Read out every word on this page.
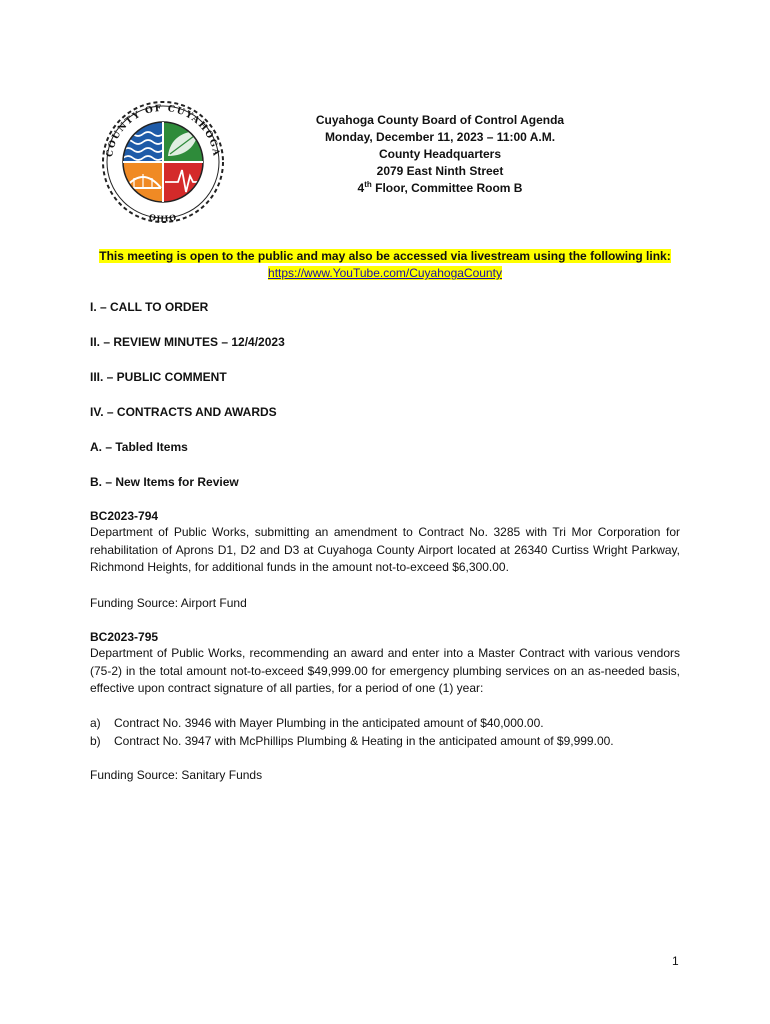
COUNTY OF CUYAHOGA
OHIO
Cuyahoga County Board of Control Agenda
Monday, December 11, 2023 – 11:00 A.M.
County Headquarters
2079 East Ninth Street
4th Floor, Committee Room B
This meeting is open to the public and may also be accessed via livestream using the following link:
https://www.YouTube.com/CuyahogaCounty
I. – CALL TO ORDER
II. – REVIEW MINUTES – 12/4/2023
III. – PUBLIC COMMENT
IV. – CONTRACTS AND AWARDS
A. – Tabled Items
B. – New Items for Review
BC2023-794
Department of Public Works, submitting an amendment to Contract No. 3285 with Tri Mor Corporation for rehabilitation of Aprons D1, D2 and D3 at Cuyahoga County Airport located at 26340 Curtiss Wright Parkway, Richmond Heights, for additional funds in the amount not-to-exceed $6,300.00.
Funding Source: Airport Fund
BC2023-795
Department of Public Works, recommending an award and enter into a Master Contract with various vendors (75-2) in the total amount not-to-exceed $49,999.00 for emergency plumbing services on an as-needed basis, effective upon contract signature of all parties, for a period of one (1) year:
a) Contract No. 3946 with Mayer Plumbing in the anticipated amount of $40,000.00.
b) Contract No. 3947 with McPhillips Plumbing & Heating in the anticipated amount of $9,999.00.
Funding Source: Sanitary Funds
1
